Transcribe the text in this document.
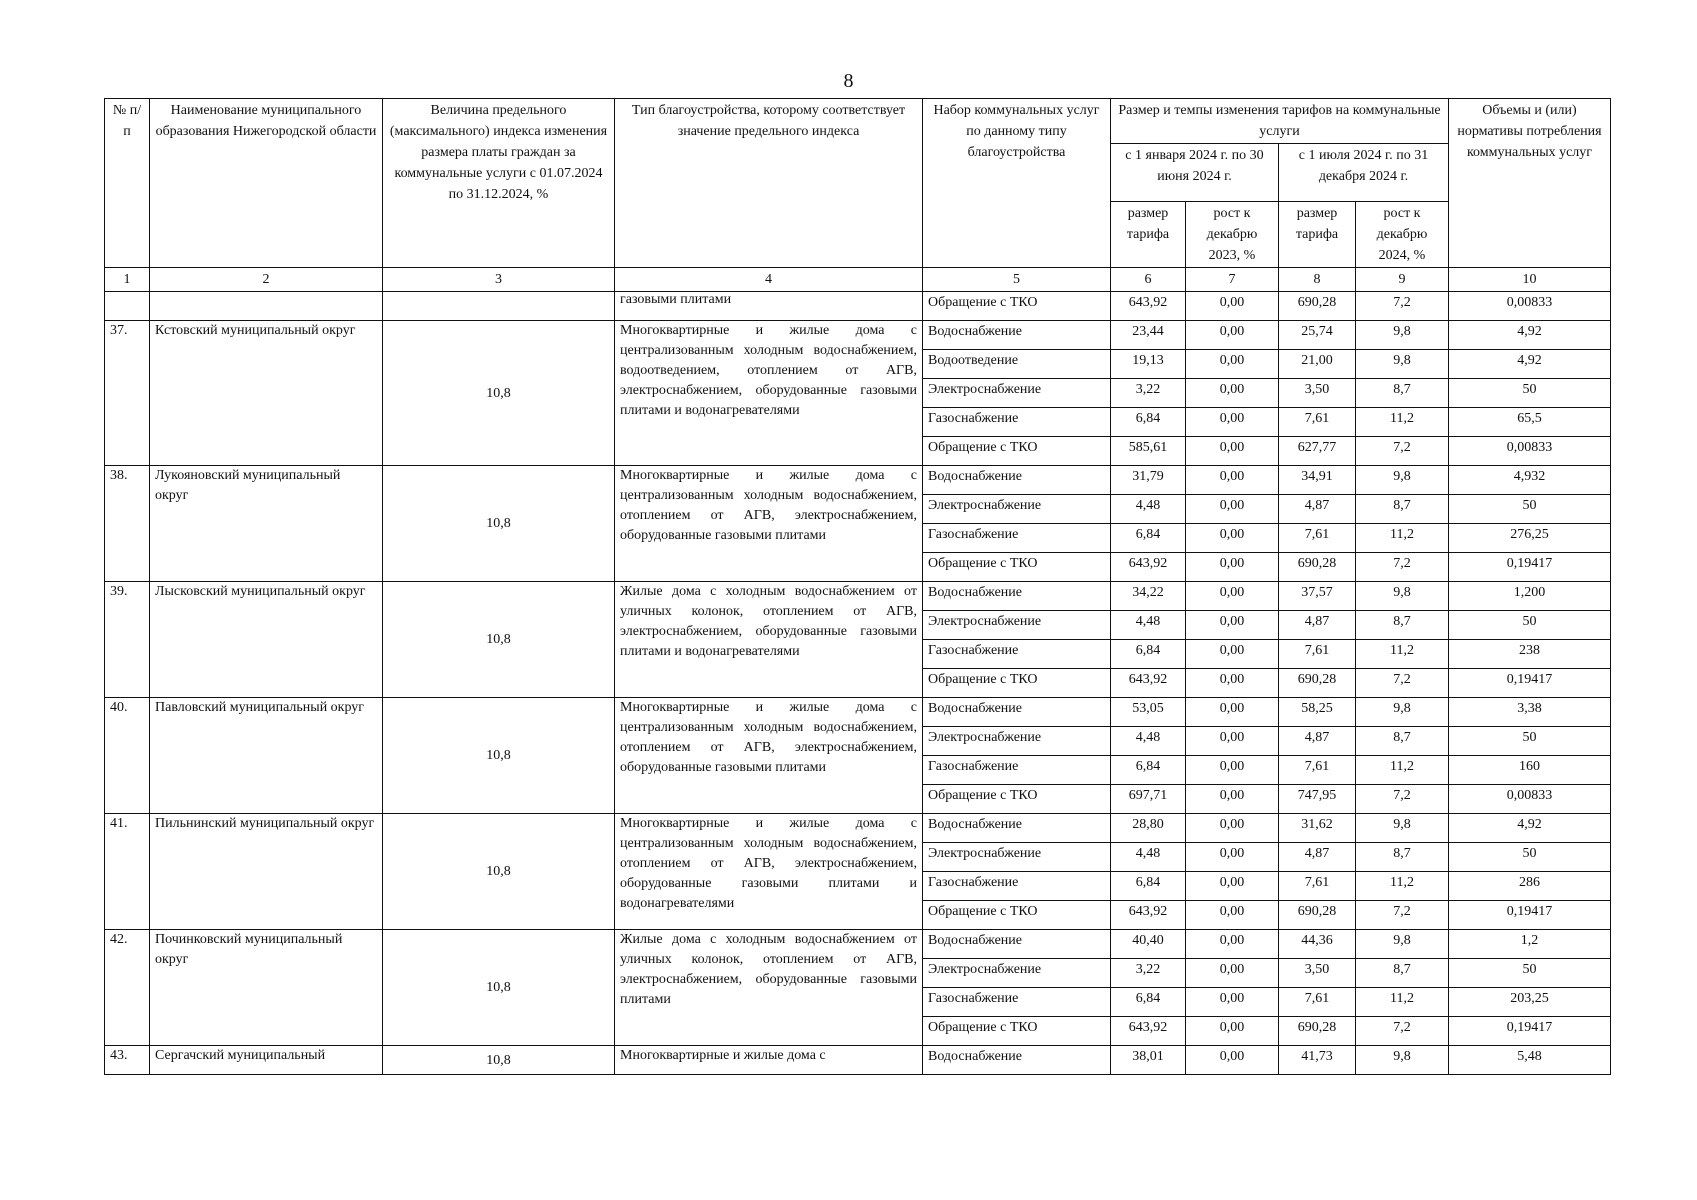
8
№ п/п	Наименование муниципального образования Нижегородской области	Величина предельного (максимального) индекса изменения размера платы граждан за коммунальные услуги с 01.07.2024 по 31.12.2024, %	Тип благоустройства, которому соответствует значение предельного индекса	Набор коммунальных услуг по данному типу благоустройства	Размер и темпы изменения тарифов на коммунальные услуги				Объемы и (или) нормативы потребления коммунальных услуг
					с 1 января 2024 г. по 30 июня 2024 г.		с 1 июля 2024 г. по 31 декабря 2024 г.		
					размер тарифа	рост к декабрю 2023, %	размер тарифа	рост к декабрю 2024, %	
1	2	3	4	5	6	7	8	9	10
			газовыми плитами	Обращение с ТКО	643,92	0,00	690,28	7,2	0,00833
37.	Кстовский муниципальный округ	10,8	Многоквартирные и жилые дома с централизованным холодным водоснабжением, водоотведением, отоплением от АГВ, электроснабжением, оборудованные газовыми плитами и водонагревателями	Водоснабжение	23,44	0,00	25,74	9,8	4,92
				Водоотведение	19,13	0,00	21,00	9,8	4,92
				Электроснабжение	3,22	0,00	3,50	8,7	50
				Газоснабжение	6,84	0,00	7,61	11,2	65,5
				Обращение с ТКО	585,61	0,00	627,77	7,2	0,00833
38.	Лукояновский муниципальный округ	10,8	Многоквартирные и жилые дома с централизованным холодным водоснабжением, отоплением от АГВ, электроснабжением, оборудованные газовыми плитами	Водоснабжение	31,79	0,00	34,91	9,8	4,932
				Электроснабжение	4,48	0,00	4,87	8,7	50
				Газоснабжение	6,84	0,00	7,61	11,2	276,25
				Обращение с ТКО	643,92	0,00	690,28	7,2	0,19417
39.	Лысковский муниципальный округ	10,8	Жилые дома с холодным водоснабжением от уличных колонок, отоплением от АГВ, электроснабжением, оборудованные газовыми плитами и водонагревателями	Водоснабжение	34,22	0,00	37,57	9,8	1,200
				Электроснабжение	4,48	0,00	4,87	8,7	50
				Газоснабжение	6,84	0,00	7,61	11,2	238
				Обращение с ТКО	643,92	0,00	690,28	7,2	0,19417
40.	Павловский муниципальный округ	10,8	Многоквартирные и жилые дома с централизованным холодным водоснабжением, отоплением от АГВ, электроснабжением, оборудованные газовыми плитами	Водоснабжение	53,05	0,00	58,25	9,8	3,38
				Электроснабжение	4,48	0,00	4,87	8,7	50
				Газоснабжение	6,84	0,00	7,61	11,2	160
				Обращение с ТКО	697,71	0,00	747,95	7,2	0,00833
41.	Пильнинский муниципальный округ	10,8	Многоквартирные и жилые дома с централизованным холодным водоснабжением, отоплением от АГВ, электроснабжением, оборудованные газовыми плитами и водонагревателями	Водоснабжение	28,80	0,00	31,62	9,8	4,92
				Электроснабжение	4,48	0,00	4,87	8,7	50
				Газоснабжение	6,84	0,00	7,61	11,2	286
				Обращение с ТКО	643,92	0,00	690,28	7,2	0,19417
42.	Починковский муниципальный округ	10,8	Жилые дома с холодным водоснабжением от уличных колонок, отоплением от АГВ, электроснабжением, оборудованные газовыми плитами	Водоснабжение	40,40	0,00	44,36	9,8	1,2
				Электроснабжение	3,22	0,00	3,50	8,7	50
				Газоснабжение	6,84	0,00	7,61	11,2	203,25
				Обращение с ТКО	643,92	0,00	690,28	7,2	0,19417
43.	Сергачский муниципальный	10,8	Многоквартирные и жилые дома с	Водоснабжение	38,01	0,00	41,73	9,8	5,48
